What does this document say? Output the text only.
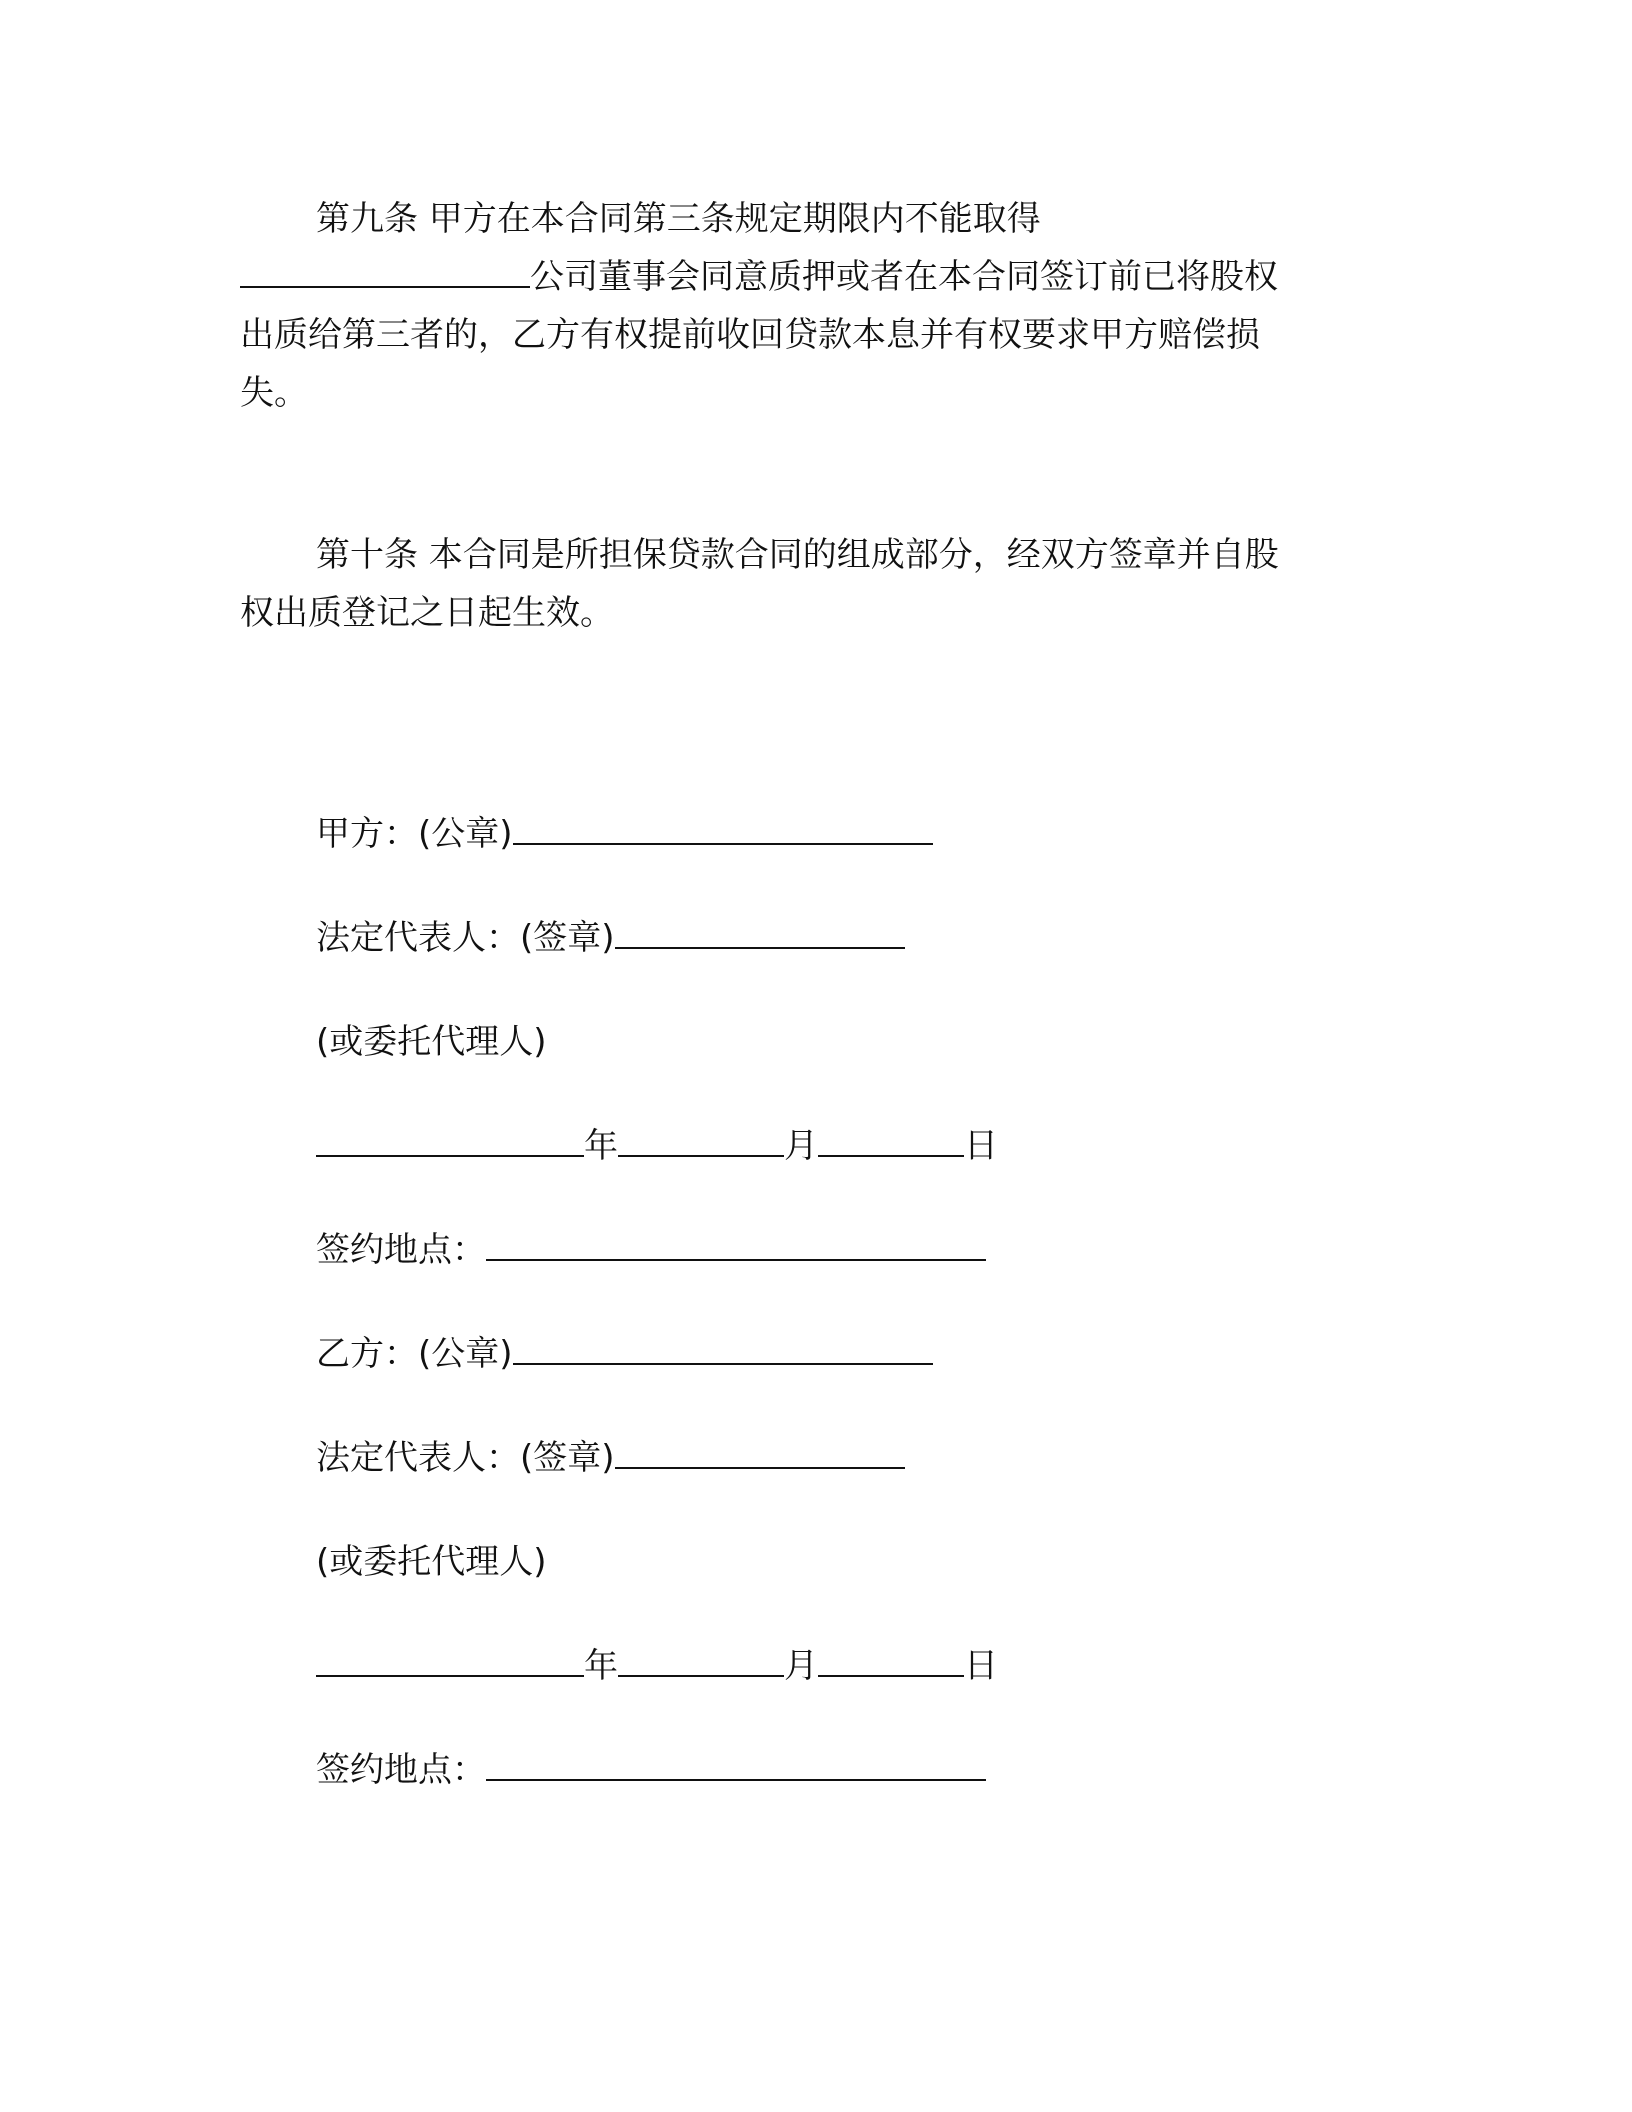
第九条 甲方在本合同第三条规定期限内不能取得
公司董事会同意质押或者在本合同签订前已将股权
出质给第三者的，乙方有权提前收回贷款本息并有权要求甲方赔偿损
失。
第十条 本合同是所担保贷款合同的组成部分，经双方签章并自股
权出质登记之日起生效。
甲方：(公章)
法定代表人：(签章)
(或委托代理人)
年	月	日
签约地点：
乙方：(公章)
法定代表人：(签章)
(或委托代理人)
年	月	日
签约地点：
